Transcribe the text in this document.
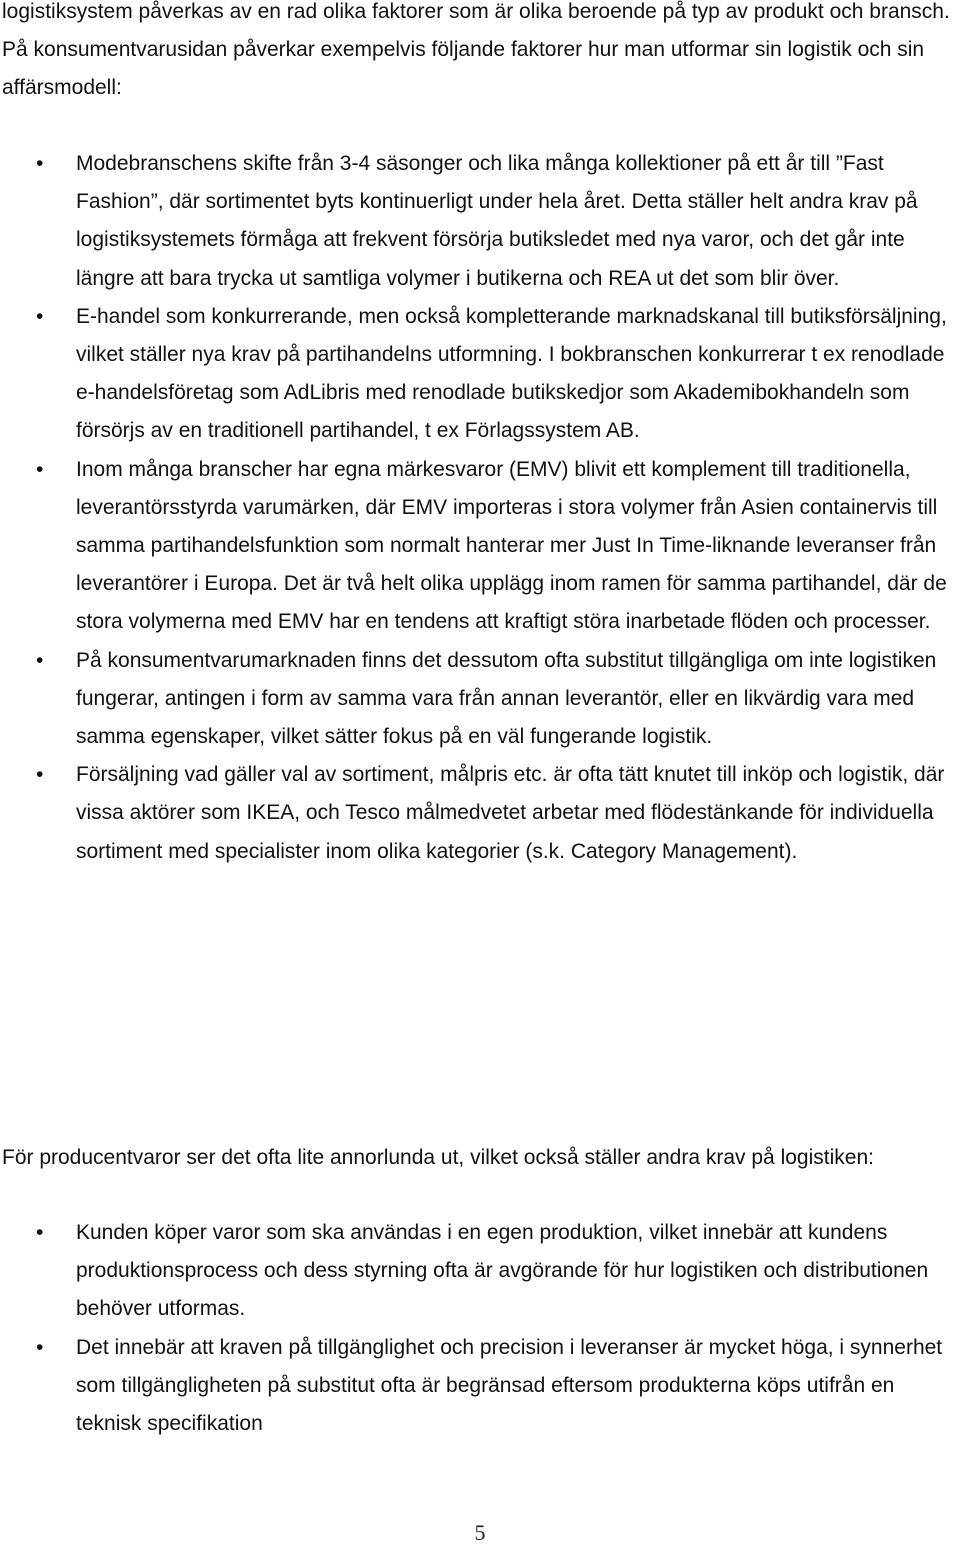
logistiksystem påverkas av en rad olika faktorer som är olika beroende på typ av produkt och bransch. På konsumentvarusidan påverkar exempelvis följande faktorer hur man utformar sin logistik och sin affärsmodell:

• Modebranschens skifte från 3-4 säsonger och lika många kollektioner på ett år till ”Fast Fashion”, där sortimentet byts kontinuerligt under hela året. Detta ställer helt andra krav på logistiksystemets förmåga att frekvent försörja butiksledet med nya varor, och det går inte längre att bara trycka ut samtliga volymer i butikerna och REA ut det som blir över.
• E-handel som konkurrerande, men också kompletterande marknadskanal till butiksförsäljning, vilket ställer nya krav på partihandelns utformning. I bokbranschen konkurrerar t ex renodlade e-handelsföretag som AdLibris med renodlade butikskedjor som Akademibokhandeln som försörjs av en traditionell partihandel, t ex Förlagssystem AB.
• Inom många branscher har egna märkesvaror (EMV) blivit ett komplement till traditionella, leverantörsstyrda varumärken, där EMV importeras i stora volymer från Asien containervis till samma partihandelsfunktion som normalt hanterar mer Just In Time-liknande leveranser från leverantörer i Europa. Det är två helt olika upplägg inom ramen för samma partihandel, där de stora volymerna med EMV har en tendens att kraftigt störa inarbetade flöden och processer.
• På konsumentvarumarknaden finns det dessutom ofta substitut tillgängliga om inte logistiken fungerar, antingen i form av samma vara från annan leverantör, eller en likvärdig vara med samma egenskaper, vilket sätter fokus på en väl fungerande logistik.
• Försäljning vad gäller val av sortiment, målpris etc. är ofta tätt knutet till inköp och logistik, där vissa aktörer som IKEA, och Tesco målmedvetet arbetar med flödestänkande för individuella sortiment med specialister inom olika kategorier (s.k. Category Management).

För producentvaror ser det ofta lite annorlunda ut, vilket också ställer andra krav på logistiken:

• Kunden köper varor som ska användas i en egen produktion, vilket innebär att kundens produktionsprocess och dess styrning ofta är avgörande för hur logistiken och distributionen behöver utformas.
• Det innebär att kraven på tillgänglighet och precision i leveranser är mycket höga, i synnerhet som tillgängligheten på substitut ofta är begränsad eftersom produkterna köps utifrån en teknisk specifikation
5
